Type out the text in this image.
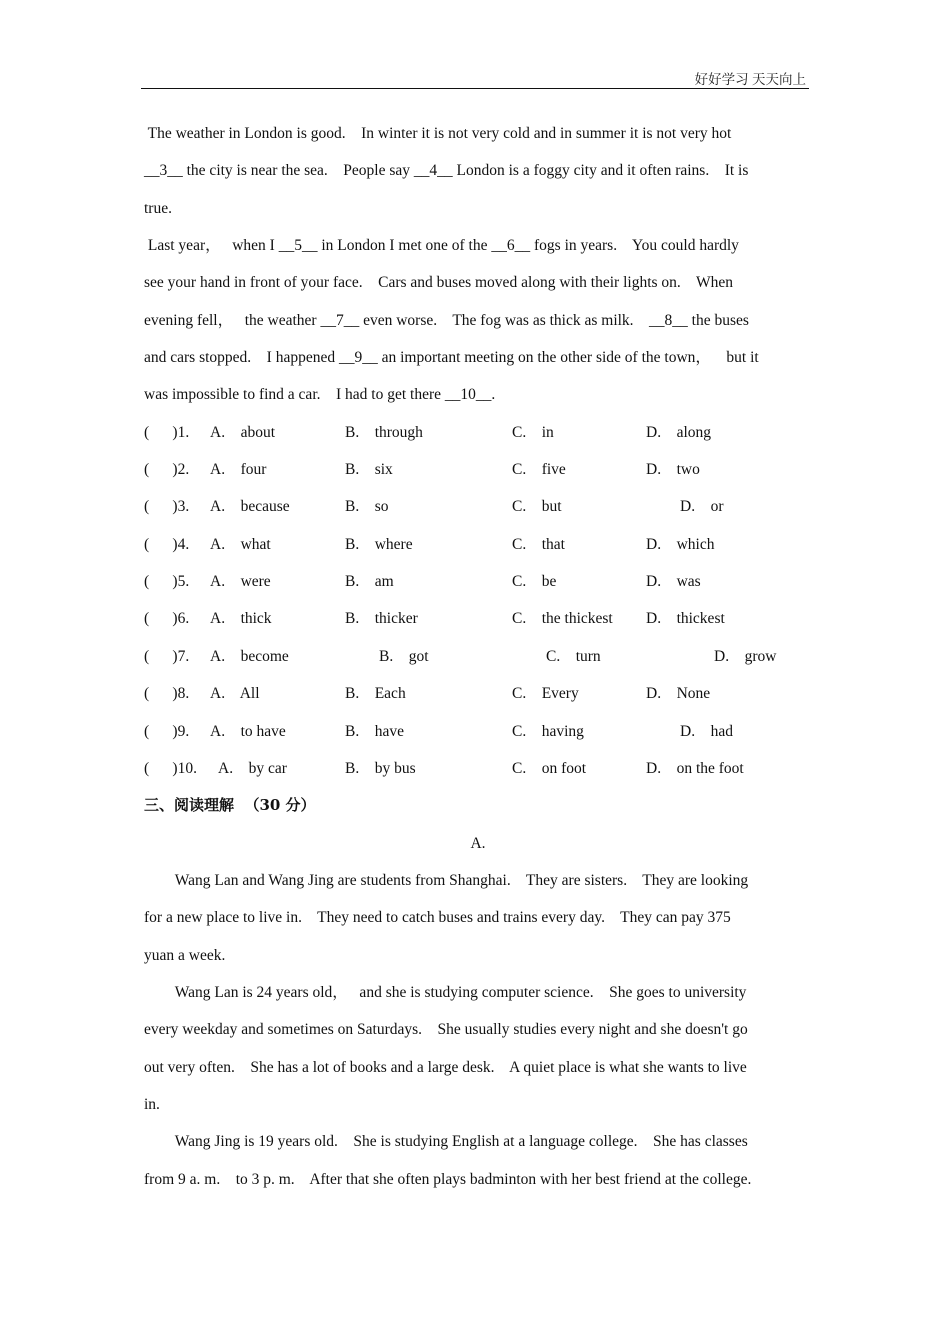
好好学习 天天向上
The weather in London is good.    In winter it is not very cold and in summer it is not very hot
__3__ the city is near the sea.    People say __4__ London is a foggy city and it often rains.    It is
true.
Last year，   when I __5__ in London I met one of the __6__ fogs in years.    You could hardly
see your hand in front of your face.    Cars and buses moved along with their lights on.    When
evening fell，   the weather __7__ even worse.    The fog was as thick as milk.    __8__ the buses
and cars stopped.    I happened __9__ an important meeting on the other side of the town，    but it
was impossible to find a car.    I had to get there __10__.
(      )1. A.    about	B.    through	C.    in	D.    along
(      )2. A.    four	B.    six	C.    five	D.    two
(      )3. A.    because	B.    so	C.    but	D.    or
(      )4. A.    what	B.    where	C.    that	D.    which
(      )5. A.    were	B.    am	C.    be	D.    was
(      )6. A.    thick	B.    thicker	C.    the thickest D.    thickest
(      )7. A.    become	B.    got	C.    turn	D.    grow
(      )8. A.    All	B.    Each	C.    Every	D.    None
(      )9. A.    to have	B.    have	C.    having	D.    had
(      )10. A.    by car	B.    by bus	C.    on foot	D.    on the foot
三、阅读理解  （30 分）
A.
Wang Lan and Wang Jing are students from Shanghai.    They are sisters.    They are looking
for a new place to live in.    They need to catch buses and trains every day.    They can pay 375
yuan a week.
Wang Lan is 24 years old，   and she is studying computer science.    She goes to university
every weekday and sometimes on Saturdays.    She usually studies every night and she doesn't go
out very often.    She has a lot of books and a large desk.    A quiet place is what she wants to live
in.
Wang Jing is 19 years old.    She is studying English at a language college.    She has classes
from 9 a. m.    to 3 p. m.    After that she often plays badminton with her best friend at the college.
